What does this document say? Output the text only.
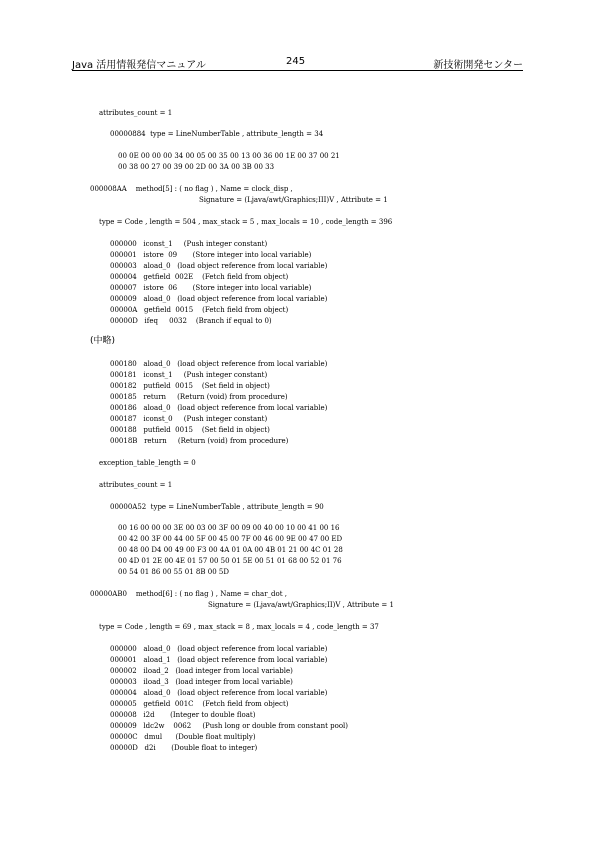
Java 活用情報発信マニュアル	245	新技術開発センター
attributes_count = 1
00000884  type = LineNumberTable , attribute_length = 34
00 0E 00 00 00 34 00 05 00 35 00 13 00 36 00 1E 00 37 00 21
00 38 00 27 00 39 00 2D 00 3A 00 3B 00 33
000008AA    method[5] : ( no flag ) , Name = clock_disp ,
Signature = (Ljava/awt/Graphics;III)V , Attribute = 1
type = Code , length = 504 , max_stack = 5 , max_locals = 10 , code_length = 396
000000   iconst_1     (Push integer constant)
000001   istore  09       (Store integer into local variable)
000003   aload_0   (load object reference from local variable)
000004   getfield  002E    (Fetch field from object)
000007   istore  06       (Store integer into local variable)
000009   aload_0   (load object reference from local variable)
00000A   getfield  0015    (Fetch field from object)
00000D   ifeq     0032    (Branch if equal to 0)
(中略)
000180   aload_0   (load object reference from local variable)
000181   iconst_1     (Push integer constant)
000182   putfield  0015    (Set field in object)
000185   return     (Return (void) from procedure)
000186   aload_0   (load object reference from local variable)
000187   iconst_0     (Push integer constant)
000188   putfield  0015    (Set field in object)
00018B   return     (Return (void) from procedure)
exception_table_length = 0
attributes_count = 1
00000A52  type = LineNumberTable , attribute_length = 90
00 16 00 00 00 3E 00 03 00 3F 00 09 00 40 00 10 00 41 00 16
00 42 00 3F 00 44 00 5F 00 45 00 7F 00 46 00 9E 00 47 00 ED
00 48 00 D4 00 49 00 F3 00 4A 01 0A 00 4B 01 21 00 4C 01 28
00 4D 01 2E 00 4E 01 57 00 50 01 5E 00 51 01 68 00 52 01 76
00 54 01 86 00 55 01 8B 00 5D
00000AB0    method[6] : ( no flag ) , Name = char_dot ,
Signature = (Ljava/awt/Graphics;II)V , Attribute = 1
type = Code , length = 69 , max_stack = 8 , max_locals = 4 , code_length = 37
000000   aload_0   (load object reference from local variable)
000001   aload_1   (load object reference from local variable)
000002   iload_2   (load integer from local variable)
000003   iload_3   (load integer from local variable)
000004   aload_0   (load object reference from local variable)
000005   getfield  001C    (Fetch field from object)
000008   i2d       (Integer to double float)
000009   ldc2w    0062     (Push long or double from constant pool)
00000C   dmul      (Double float multiply)
00000D   d2i       (Double float to integer)
